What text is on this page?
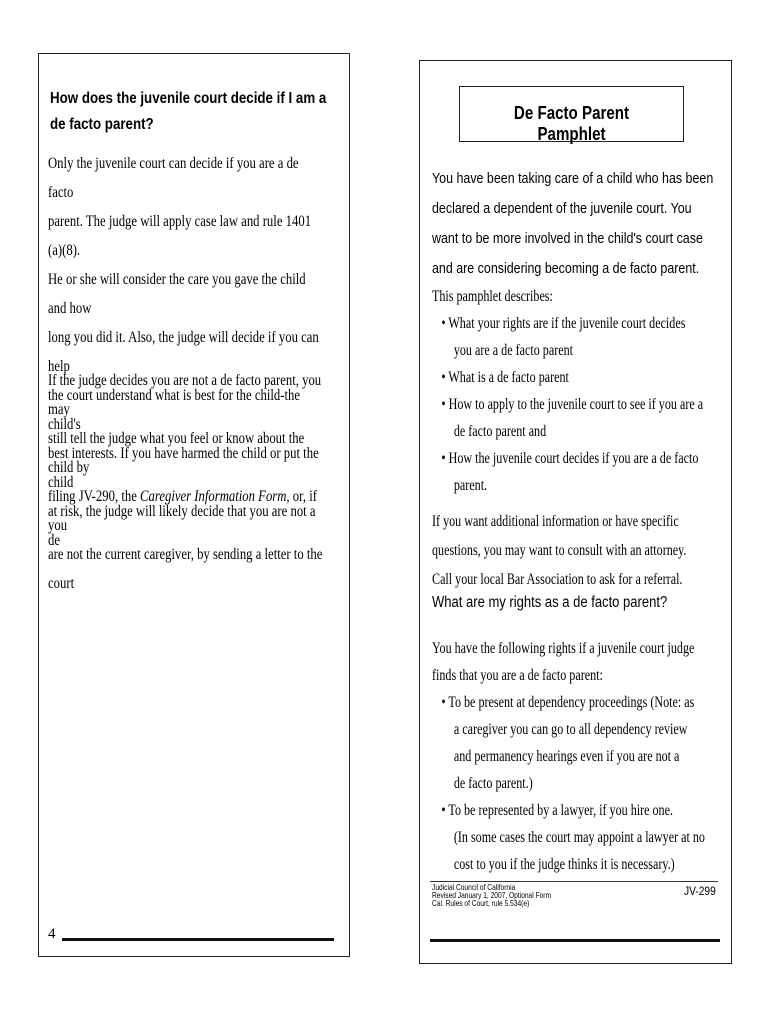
How does the juvenile court decide if I am a
de facto parent?
Only the juvenile court can decide if you are a de facto
parent. The judge will apply case law and rule 1401 (a)(8).
He or she will consider the care you gave the child and how
long you did it. Also, the judge will decide if you can help
the court understand what is best for the child-the child's
best interests. If you have harmed the child or put the child
at risk, the judge will likely decide that you are not a de
If the judge decides you are not a de facto parent, you may
still tell the judge what you feel or know about the child by
filing JV-290, the Caregiver Information Form, or, if you
are not the current caregiver, by sending a letter to the
court
4
De Facto Parent Pamphlet
You have been taking care of a child who has been
declared a dependent of the juvenile court. You
want to be more involved in the child's court case
and are considering becoming a de facto parent.
This pamphlet describes:
• What your rights are if the juvenile court decides
you are a de facto parent
• What is a de facto parent
• How to apply to the juvenile court to see if you are a
de facto parent and
• How the juvenile court decides if you are a de facto
parent.
If you want additional information or have specific
questions, you may want to consult with an attorney.
Call your local Bar Association to ask for a referral.
What are my rights as a de facto parent?
You have the following rights if a juvenile court judge
finds that you are a de facto parent:
• To be present at dependency proceedings (Note: as
a caregiver you can go to all dependency review
and permanency hearings even if you are not a
de facto parent.)
• To be represented by a lawyer, if you hire one.
(In some cases the court may appoint a lawyer at no
cost to you if the judge thinks it is necessary.)
Judicial Council of California
Revised January 1, 2007, Optional Form
Cal. Rules of Court, rule 5.534(e)
JV-299
